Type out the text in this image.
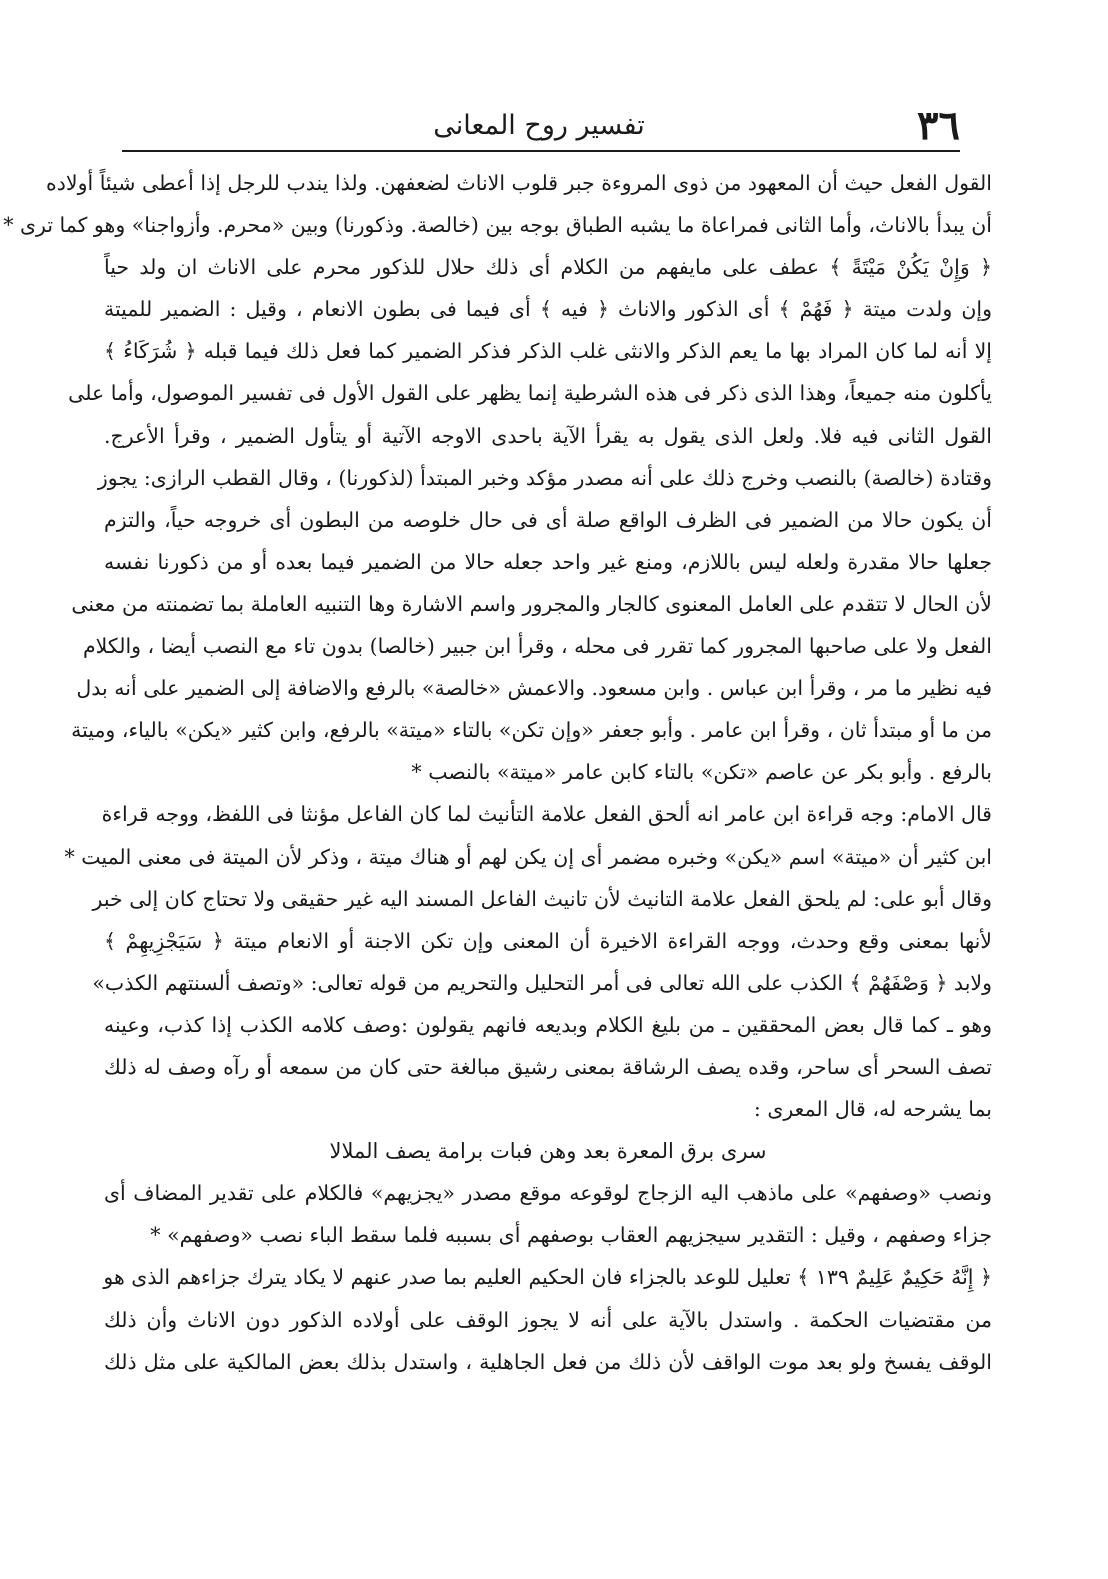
٣٦
تفسير روح المعانى
القول الفعل حيث أن المعهود من ذوى المروءة جبر قلوب الاناث لضعفهن. ولذا يندب للرجل إذا أعطى شيئاً أولاده
أن يبدأ بالاناث، وأما الثانى فمراعاة ما يشبه الطباق بوجه بين (خالصة. وذكورنا) وبين «محرم. وأزواجنا» وهو كما ترى *
﴿ وَإِنْ يَكُنْ مَيْتَةً ﴾ عطف على مايفهم من الكلام أى ذلك حلال للذكور محرم على الاناث ان ولد حياً
وإن ولدت ميتة ﴿ فَهُمْ ﴾ أى الذكور والاناث ﴿ فيه ﴾ أى فيما فى بطون الانعام ، وقيل : الضمير للميتة
إلا أنه لما كان المراد بها ما يعم الذكر والانثى غلب الذكر فذكر الضمير كما فعل ذلك فيما قبله ﴿ شُرَكَاءُ ﴾
يأكلون منه جميعاً، وهذا الذى ذكر فى هذه الشرطية إنما يظهر على القول الأول فى تفسير الموصول، وأما على
القول الثانى فيه فلا. ولعل الذى يقول به يقرأ الآية باحدى الاوجه الآتية أو يتأول الضمير ، وقرأ الأعرج.
وقتادة (خالصة) بالنصب وخرج ذلك على أنه مصدر مؤكد وخبر المبتدأ (لذكورنا) ، وقال القطب الرازى: يجوز
أن يكون حالا من الضمير فى الظرف الواقع صلة أى فى حال خلوصه من البطون أى خروجه حياً، والتزم
جعلها حالا مقدرة ولعله ليس باللازم، ومنع غير واحد جعله حالا من الضمير فيما بعده أو من ذكورنا نفسه
لأن الحال لا تتقدم على العامل المعنوى كالجار والمجرور واسم الاشارة وها التنبيه العاملة بما تضمنته من معنى
الفعل ولا على صاحبها المجرور كما تقرر فى محله ، وقرأ ابن جبير (خالصا) بدون تاء مع النصب أيضا ، والكلام
فيه نظير ما مر ، وقرأ ابن عباس . وابن مسعود. والاعمش «خالصة» بالرفع والاضافة إلى الضمير على أنه بدل
من ما أو مبتدأ ثان ، وقرأ ابن عامر . وأبو جعفر «وإن تكن» بالتاء «ميتة» بالرفع، وابن كثير «يكن» بالياء، وميتة
بالرفع . وأبو بكر عن عاصم «تكن» بالتاء كابن عامر «ميتة» بالنصب *
قال الامام: وجه قراءة ابن عامر انه ألحق الفعل علامة التأنيث لما كان الفاعل مؤنثا فى اللفظ، ووجه قراءة
ابن كثير أن «ميتة» اسم «يكن» وخبره مضمر أى إن يكن لهم أو هناك ميتة ، وذكر لأن الميتة فى معنى الميت *
وقال أبو على: لم يلحق الفعل علامة التانيث لأن تانيث الفاعل المسند اليه غير حقيقى ولا تحتاج كان إلى خبر
لأنها بمعنى وقع وحدث، ووجه القراءة الاخيرة أن المعنى وإن تكن الاجنة أو الانعام ميتة ﴿ سَيَجْزِيهِمْ ﴾
ولابد ﴿ وَصْفَهُمْ ﴾ الكذب على الله تعالى فى أمر التحليل والتحريم من قوله تعالى: «وتصف ألسنتهم الكذب»
وهو ـ كما قال بعض المحققين ـ من بليغ الكلام وبديعه فانهم يقولون :وصف كلامه الكذب إذا كذب، وعينه
تصف السحر أى ساحر، وقده يصف الرشاقة بمعنى رشيق مبالغة حتى كان من سمعه أو رآه وصف له ذلك
بما يشرحه له، قال المعرى :
سرى برق المعرة بعد وهن فبات برامة يصف الملالا
ونصب «وصفهم» على ماذهب اليه الزجاج لوقوعه موقع مصدر «يجزيهم» فالكلام على تقدير المضاف أى
جزاء وصفهم ، وقيل : التقدير سيجزيهم العقاب بوصفهم أى بسببه فلما سقط الباء نصب «وصفهم» *
﴿ إِنَّهُ حَكِيمٌ عَلِيمٌ ١٣٩ ﴾ تعليل للوعد بالجزاء فان الحكيم العليم بما صدر عنهم لا يكاد يترك جزاءهم الذى هو
من مقتضيات الحكمة . واستدل بالآية على أنه لا يجوز الوقف على أولاده الذكور دون الاناث وأن ذلك
الوقف يفسخ ولو بعد موت الواقف لأن ذلك من فعل الجاهلية ، واستدل بذلك بعض المالكية على مثل ذلك
